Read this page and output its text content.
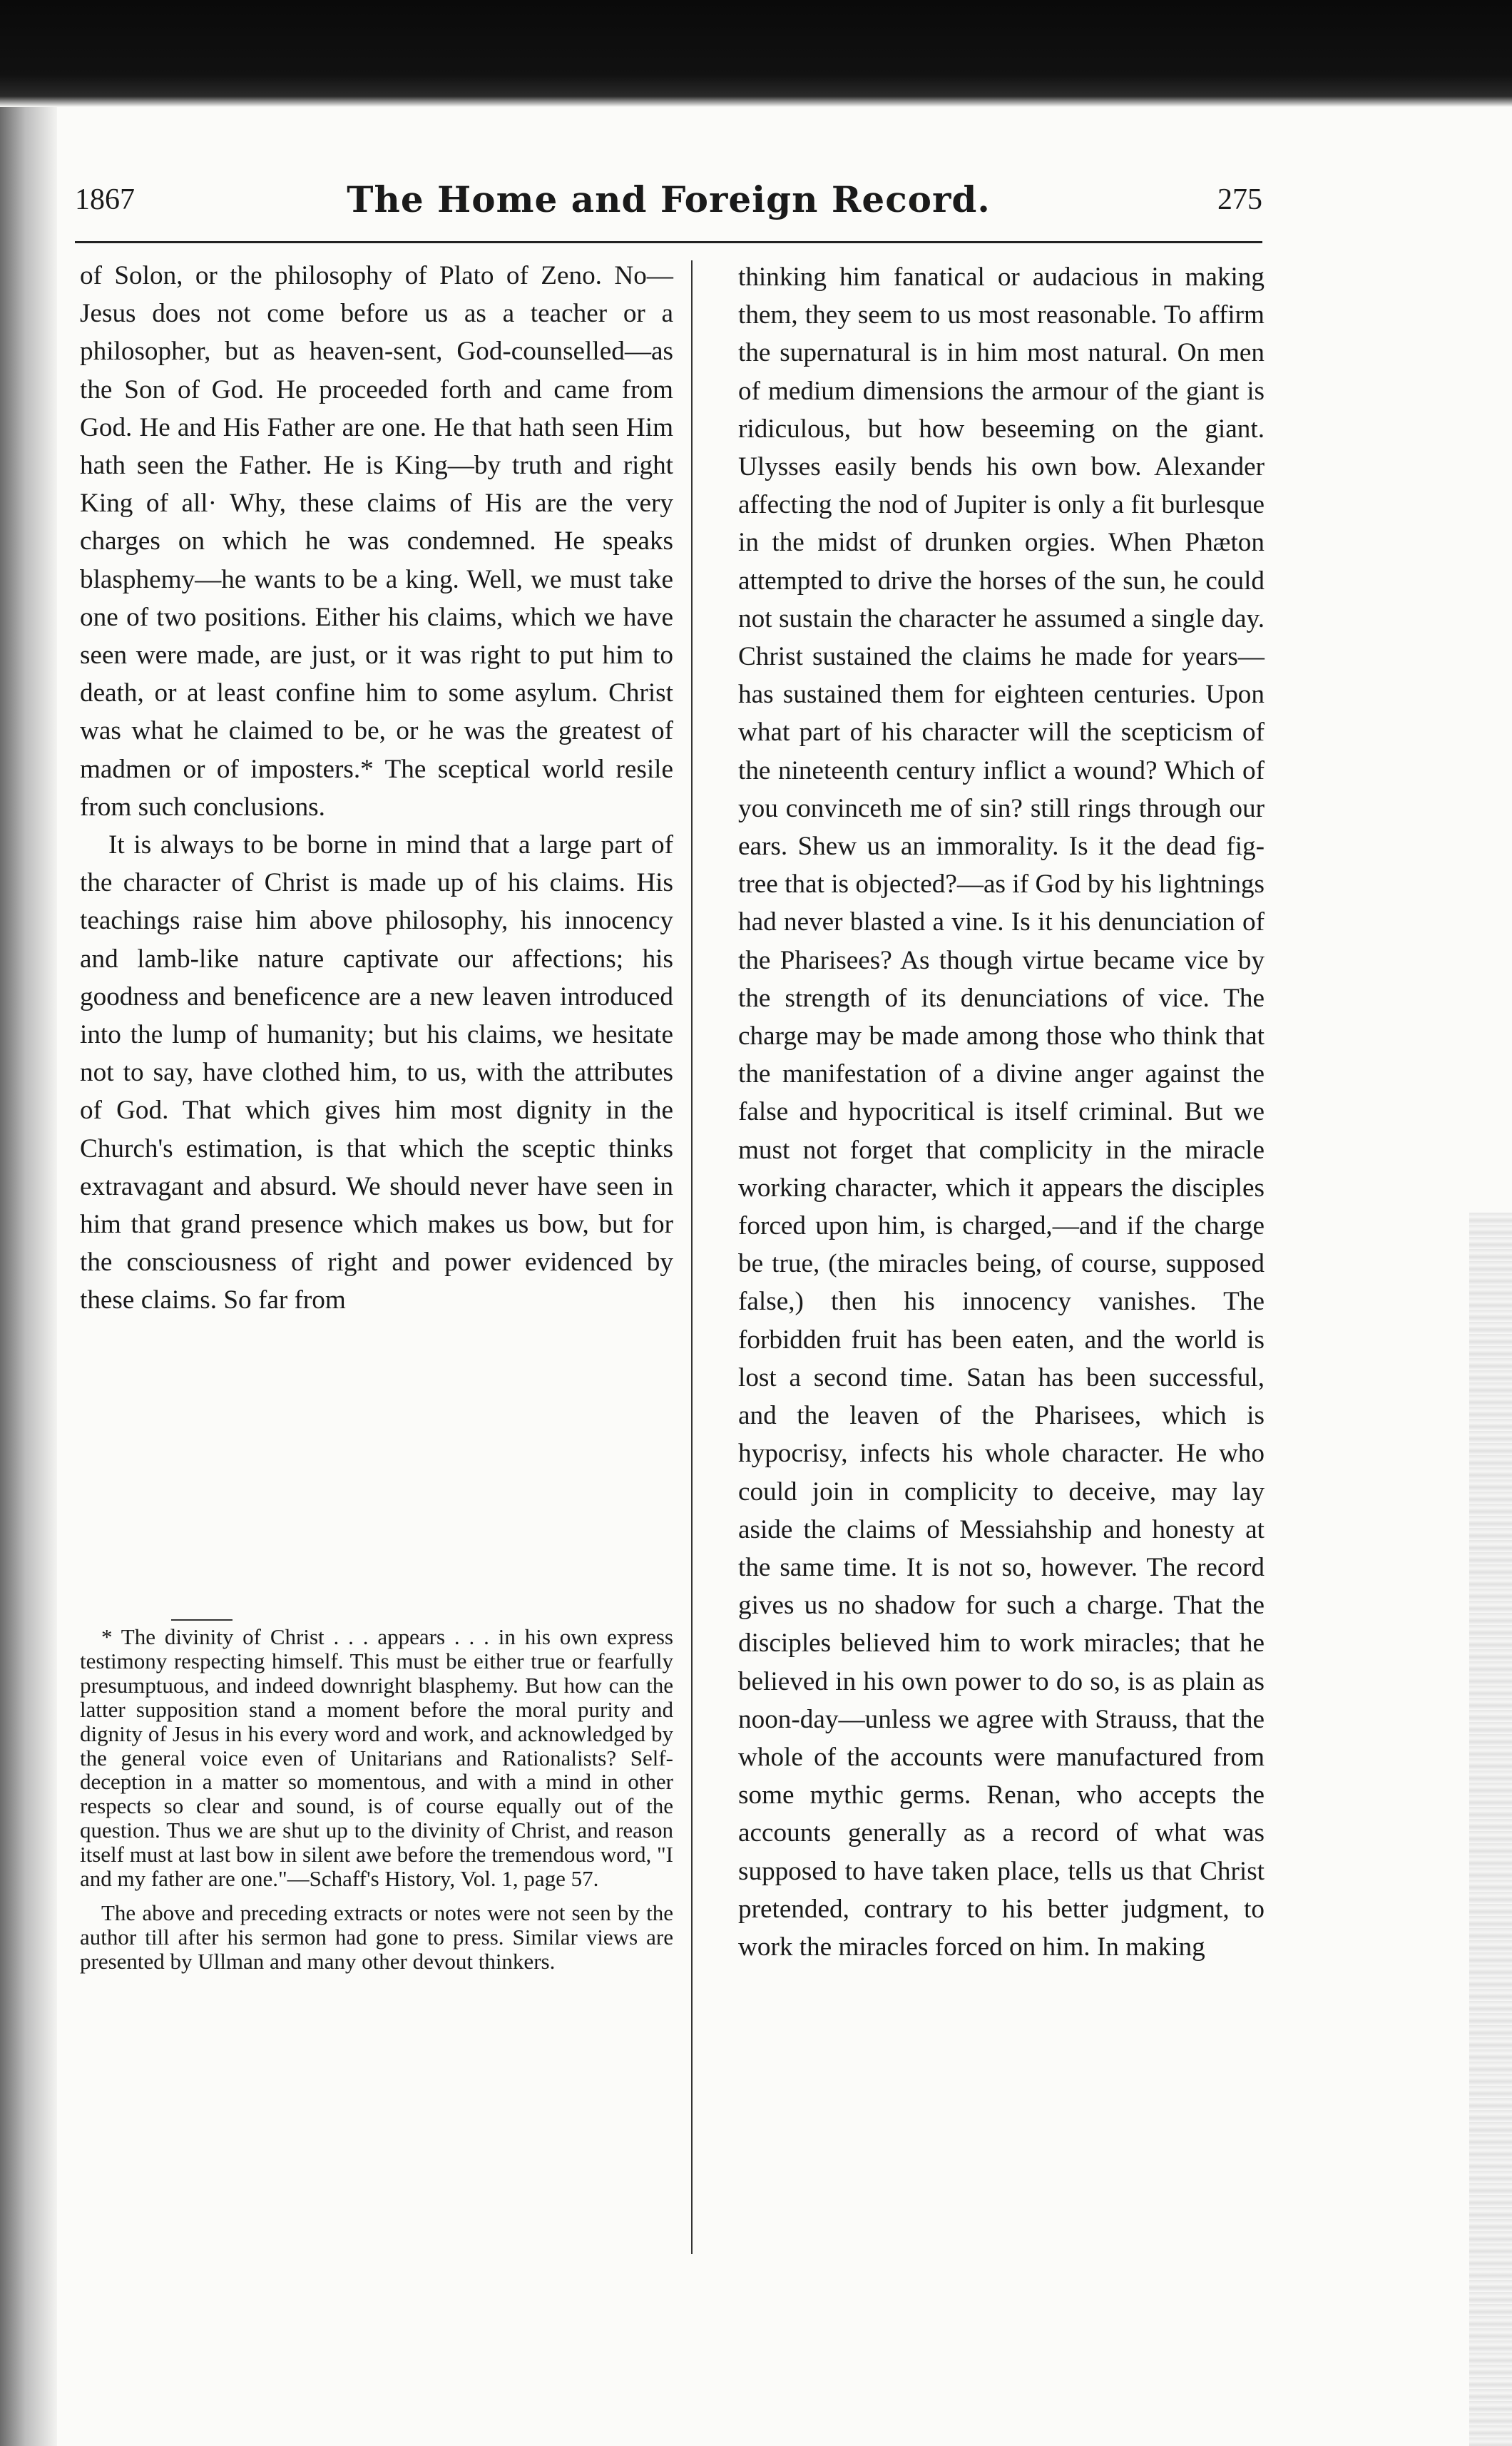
1867	The Home and Foreign Record.	275

of Solon, or the philosophy of Plato of Zeno. No—Jesus does not come before us as a teacher or a philosopher, but as heaven-sent, God-counselled—as the Son of God. He proceeded forth and came from God. He and His Father are one. He that hath seen Him hath seen the Father. He is King—by truth and right King of all· Why, these claims of His are the very charges on which he was condemned. He speaks blasphemy—he wants to be a king. Well, we must take one of two positions. Either his claims, which we have seen were made, are just, or it was right to put him to death, or at least confine him to some asylum. Christ was what he claimed to be, or he was the greatest of madmen or of imposters.* The sceptical world resile from such conclusions.

It is always to be borne in mind that a large part of the character of Christ is made up of his claims. His teachings raise him above philosophy, his innocency and lamb-like nature captivate our affections; his goodness and beneficence are a new leaven introduced into the lump of humanity; but his claims, we hesitate not to say, have clothed him, to us, with the attributes of God. That which gives him most dignity in the Church's estimation, is that which the sceptic thinks extravagant and absurd. We should never have seen in him that grand presence which makes us bow, but for the consciousness of right and power evidenced by these claims. So far from

* The divinity of Christ . . . appears . . . in his own express testimony respecting himself. This must be either true or fearfully presumptuous, and indeed downright blasphemy. But how can the latter supposition stand a moment before the moral purity and dignity of Jesus in his every word and work, and acknowledged by the general voice even of Unitarians and Rationalists? Self-deception in a matter so momentous, and with a mind in other respects so clear and sound, is of course equally out of the question. Thus we are shut up to the divinity of Christ, and reason itself must at last bow in silent awe before the tremendous word, "I and my father are one."—Schaff's History, Vol. 1, page 57.

The above and preceding extracts or notes were not seen by the author till after his sermon had gone to press. Similar views are presented by Ullman and many other devout thinkers.

thinking him fanatical or audacious in making them, they seem to us most reasonable. To affirm the supernatural is in him most natural. On men of medium dimensions the armour of the giant is ridiculous, but how beseeming on the giant. Ulysses easily bends his own bow. Alexander affecting the nod of Jupiter is only a fit burlesque in the midst of drunken orgies. When Phæton attempted to drive the horses of the sun, he could not sustain the character he assumed a single day. Christ sustained the claims he made for years—has sustained them for eighteen centuries. Upon what part of his character will the scepticism of the nineteenth century inflict a wound? Which of you convinceth me of sin? still rings through our ears. Shew us an immorality. Is it the dead fig-tree that is objected?—as if God by his lightnings had never blasted a vine. Is it his denunciation of the Pharisees? As though virtue became vice by the strength of its denunciations of vice. The charge may be made among those who think that the manifestation of a divine anger against the false and hypocritical is itself criminal. But we must not forget that complicity in the miracle working character, which it appears the disciples forced upon him, is charged,—and if the charge be true, (the miracles being, of course, supposed false,) then his innocency vanishes. The forbidden fruit has been eaten, and the world is lost a second time. Satan has been successful, and the leaven of the Pharisees, which is hypocrisy, infects his whole character. He who could join in complicity to deceive, may lay aside the claims of Messiahship and honesty at the same time. It is not so, however. The record gives us no shadow for such a charge. That the disciples believed him to work miracles; that he believed in his own power to do so, is as plain as noon-day—unless we agree with Strauss, that the whole of the accounts were manufactured from some mythic germs. Renan, who accepts the accounts generally as a record of what was supposed to have taken place, tells us that Christ pretended, contrary to his better judgment, to work the miracles forced on him. In making
